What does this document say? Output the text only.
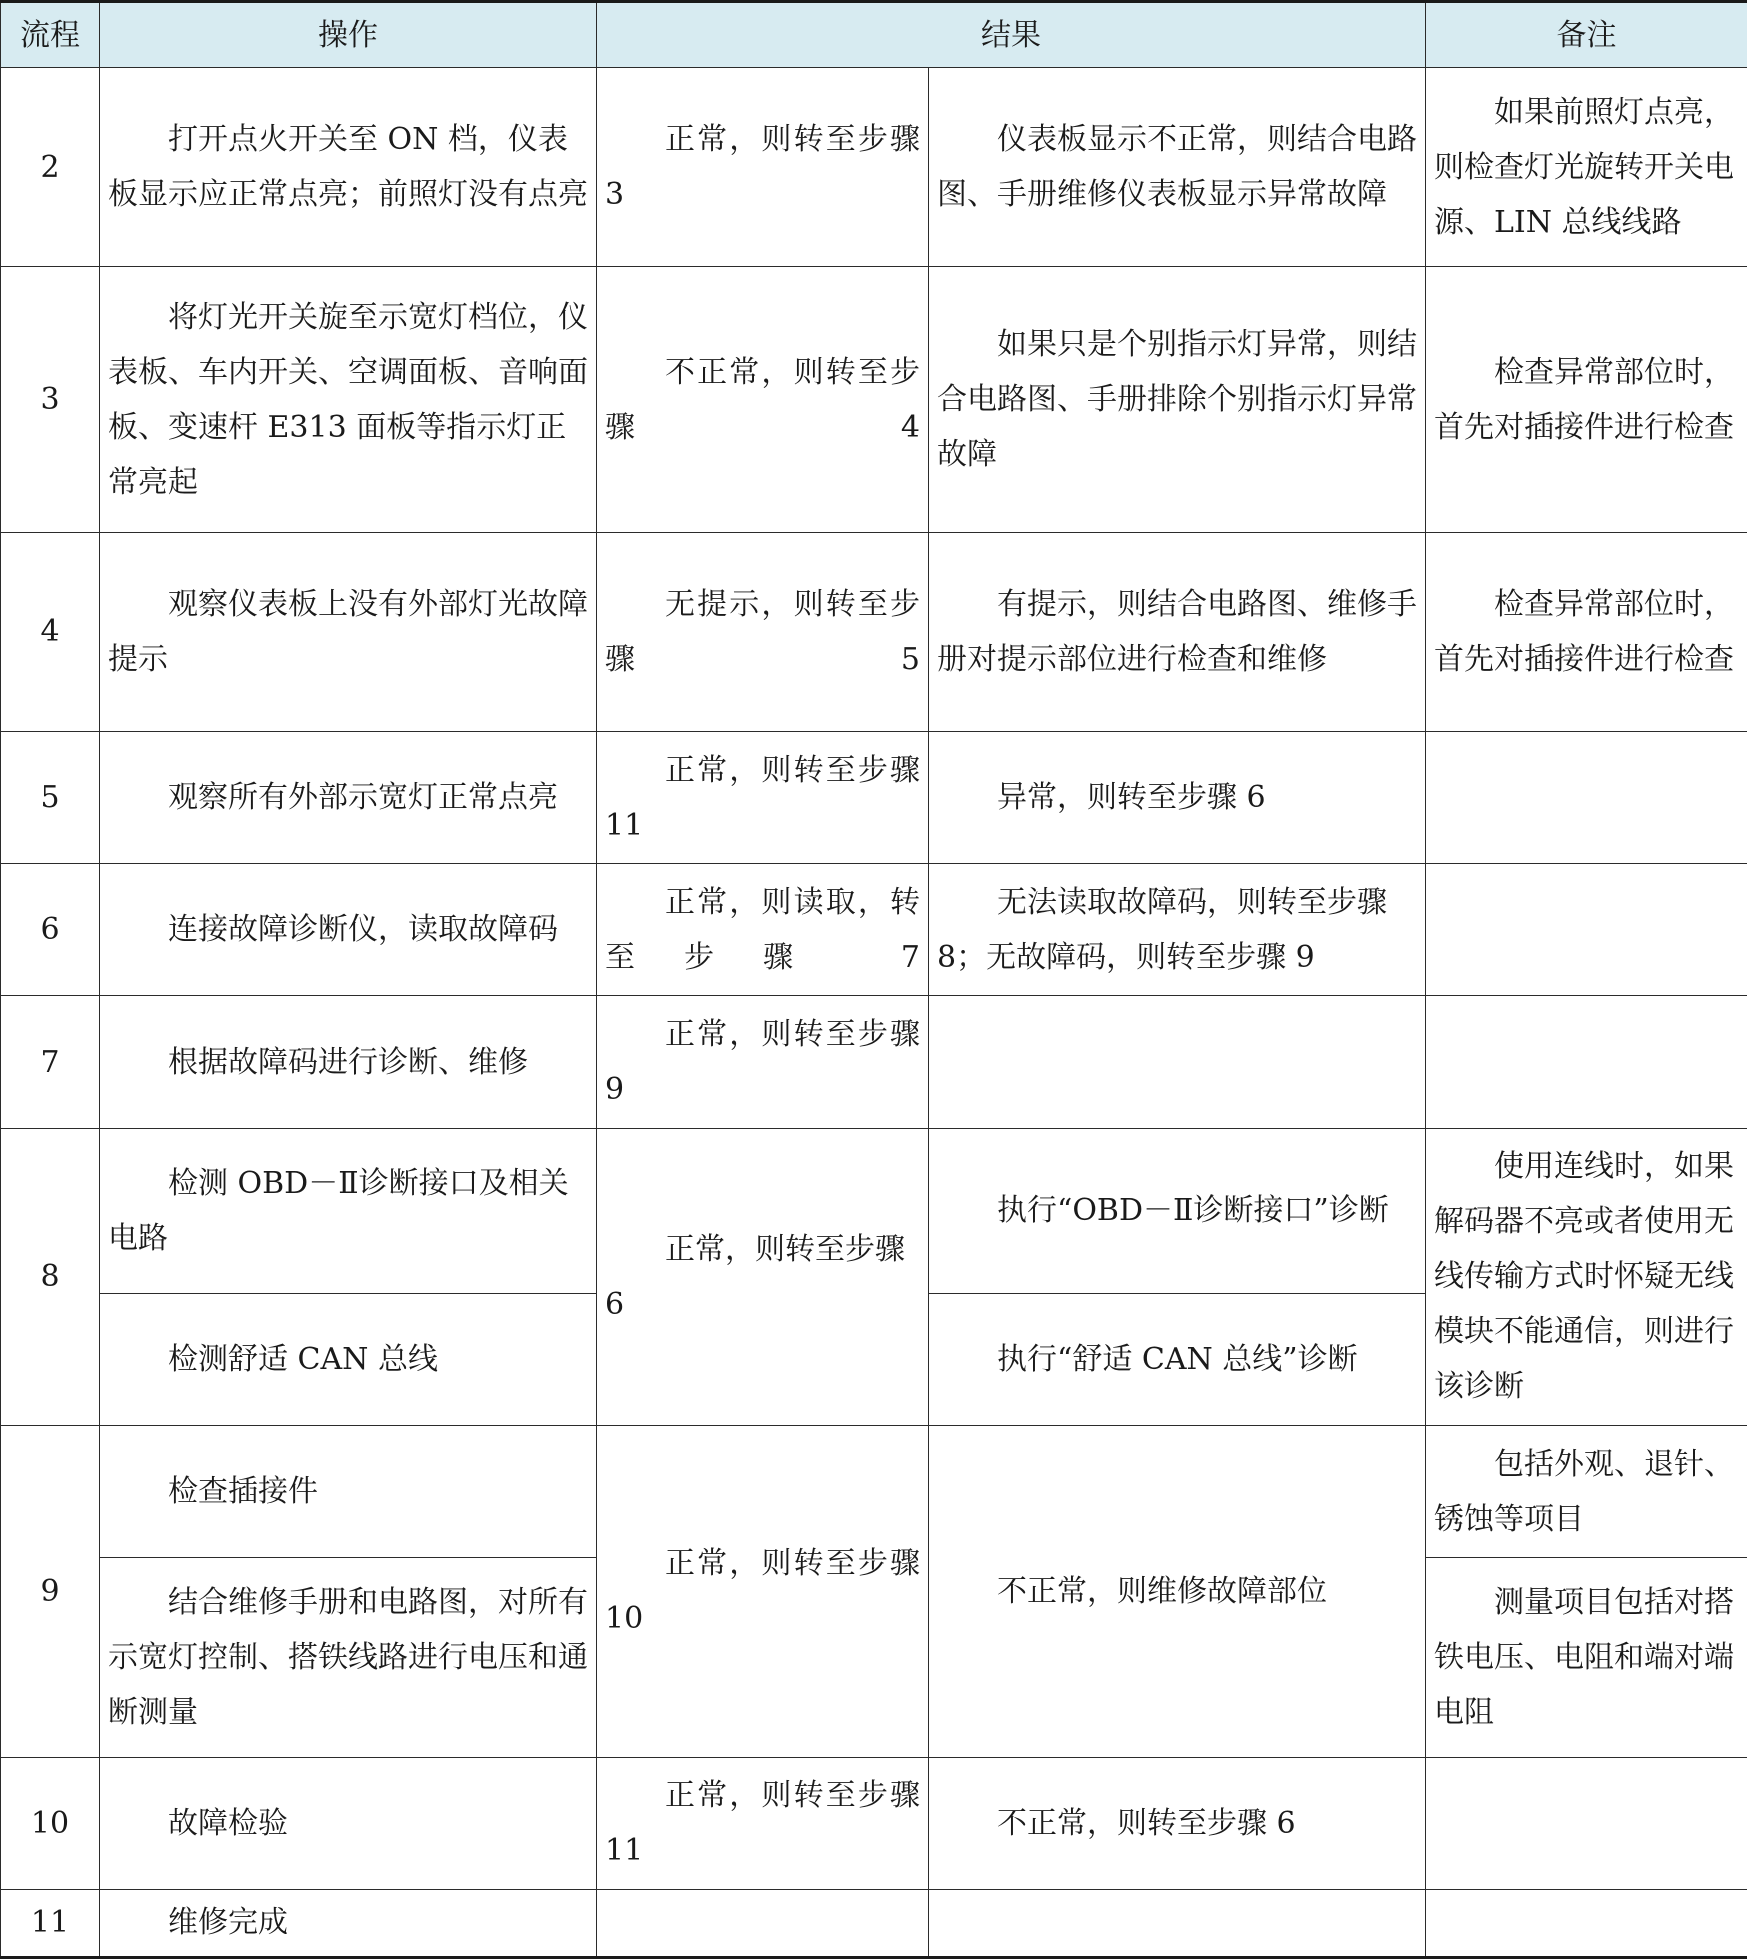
流程	操作	结果		备注
2	打开点火开关至 ON 档，仪表板显示应正常点亮；前照灯没有点亮	正常，则转至步骤 3	仪表板显示不正常，则结合电路图、手册维修仪表板显示异常故障	如果前照灯点亮，则检查灯光旋转开关电源、LIN 总线线路
3	将灯光开关旋至示宽灯档位，仪表板、车内开关、空调面板、音响面板、变速杆 E313 面板等指示灯正常亮起	不正常，则转至步骤 4	如果只是个别指示灯异常，则结合电路图、手册排除个别指示灯异常故障	检查异常部位时，首先对插接件进行检查
4	观察仪表板上没有外部灯光故障提示	无提示，则转至步骤 5	有提示，则结合电路图、维修手册对提示部位进行检查和维修	检查异常部位时，首先对插接件进行检查
5	观察所有外部示宽灯正常点亮	正常，则转至步骤 11	异常，则转至步骤 6	
6	连接故障诊断仪，读取故障码	正常，则读取，转至步骤 7	无法读取故障码，则转至步骤 8；无故障码，则转至步骤 9	
7	根据故障码进行诊断、维修	正常，则转至步骤 9		
8	检测 OBD－Ⅱ诊断接口及相关电路	正常，则转至步骤 6	执行“OBD－Ⅱ诊断接口”诊断	使用连线时，如果解码器不亮或者使用无线传输方式时怀疑无线模块不能通信，则进行该诊断
	检测舒适 CAN 总线		执行“舒适 CAN 总线”诊断	
9	检查插接件	正常，则转至步骤 10	不正常，则维修故障部位	包括外观、退针、锈蚀等项目
	结合维修手册和电路图，对所有示宽灯控制、搭铁线路进行电压和通断测量			测量项目包括对搭铁电压、电阻和端对端电阻
10	故障检验	正常，则转至步骤 11	不正常，则转至步骤 6	
11	维修完成			
